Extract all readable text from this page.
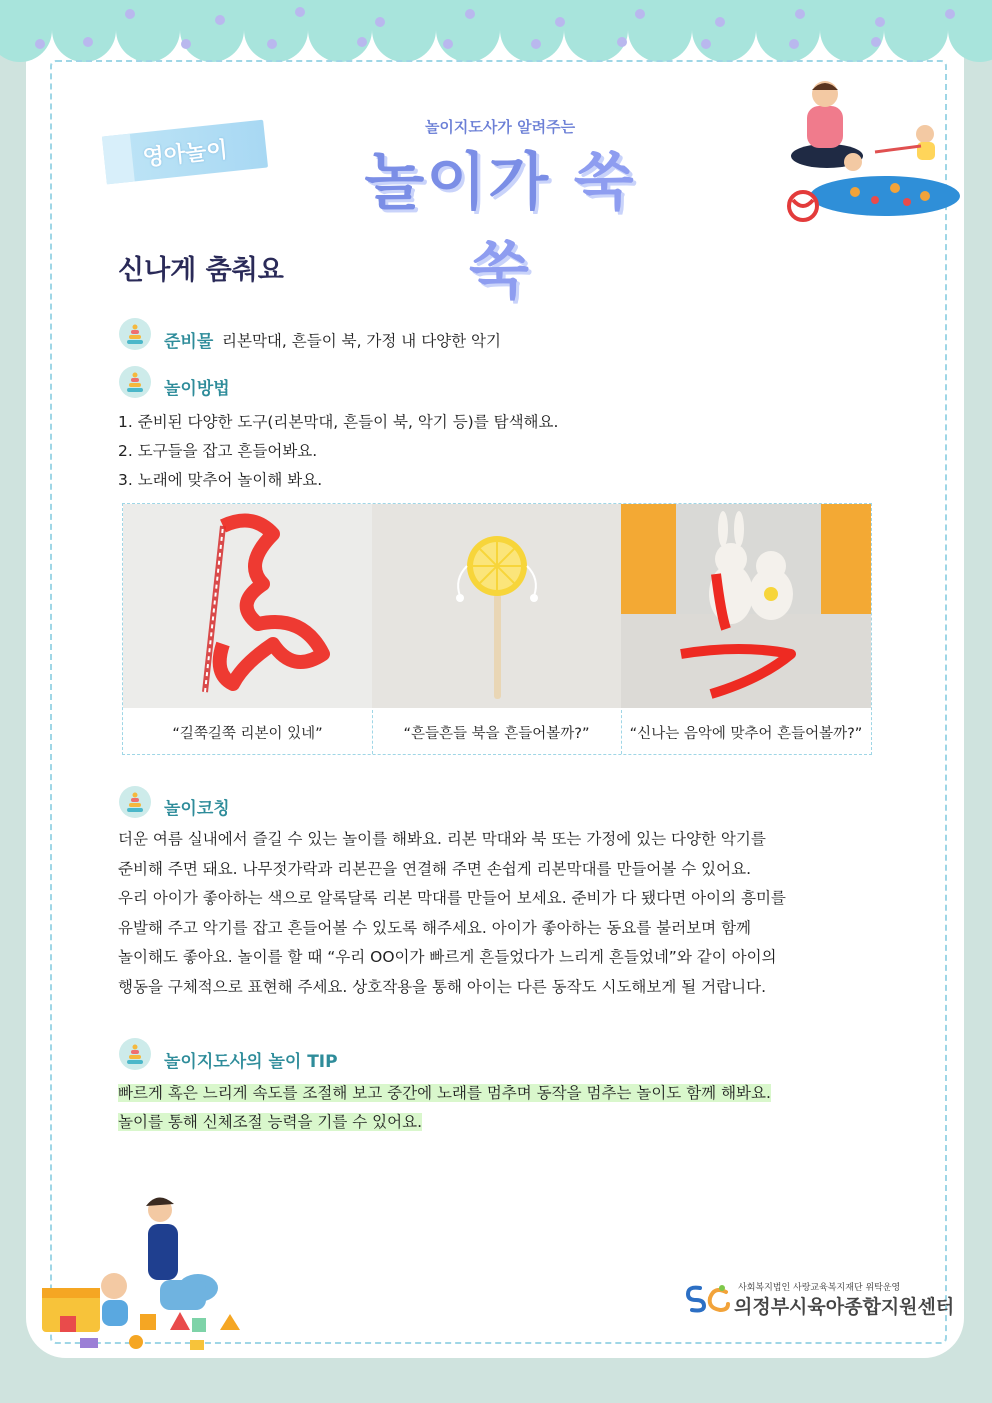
영아놀이
놀이지도사가 알려주는
놀이가 쑥쑥
신나게 춤춰요
준비물 리본막대, 흔들이 북, 가정 내 다양한 악기
놀이방법
1. 준비된 다양한 도구(리본막대, 흔들이 북, 악기 등)를 탐색해요.
2. 도구들을 잡고 흔들어봐요.
3. 노래에 맞추어 놀이해 봐요.
“길쭉길쭉 리본이 있네”	“흔들흔들 북을 흔들어볼까?”	“신나는 음악에 맞추어 흔들어볼까?”
놀이코칭
더운 여름 실내에서 즐길 수 있는 놀이를 해봐요. 리본 막대와 북 또는 가정에 있는 다양한 악기를
준비해 주면 돼요. 나무젓가락과 리본끈을 연결해 주면 손쉽게 리본막대를 만들어볼 수 있어요.
우리 아이가 좋아하는 색으로 알록달록 리본 막대를 만들어 보세요. 준비가 다 됐다면 아이의 흥미를
유발해 주고 악기를 잡고 흔들어볼 수 있도록 해주세요. 아이가 좋아하는 동요를 불러보며 함께
놀이해도 좋아요. 놀이를 할 때 “우리 OO이가 빠르게 흔들었다가 느리게 흔들었네”와 같이 아이의
행동을 구체적으로 표현해 주세요. 상호작용을 통해 아이는 다른 동작도 시도해보게 될 거랍니다.
놀이지도사의 놀이 TIP
빠르게 혹은 느리게 속도를 조절해 보고 중간에 노래를 멈추며 동작을 멈추는 놀이도 함께 해봐요.
놀이를 통해 신체조절 능력을 기를 수 있어요.
사회복지법인 사랑교육복지재단 위탁운영
의정부시육아종합지원센터
